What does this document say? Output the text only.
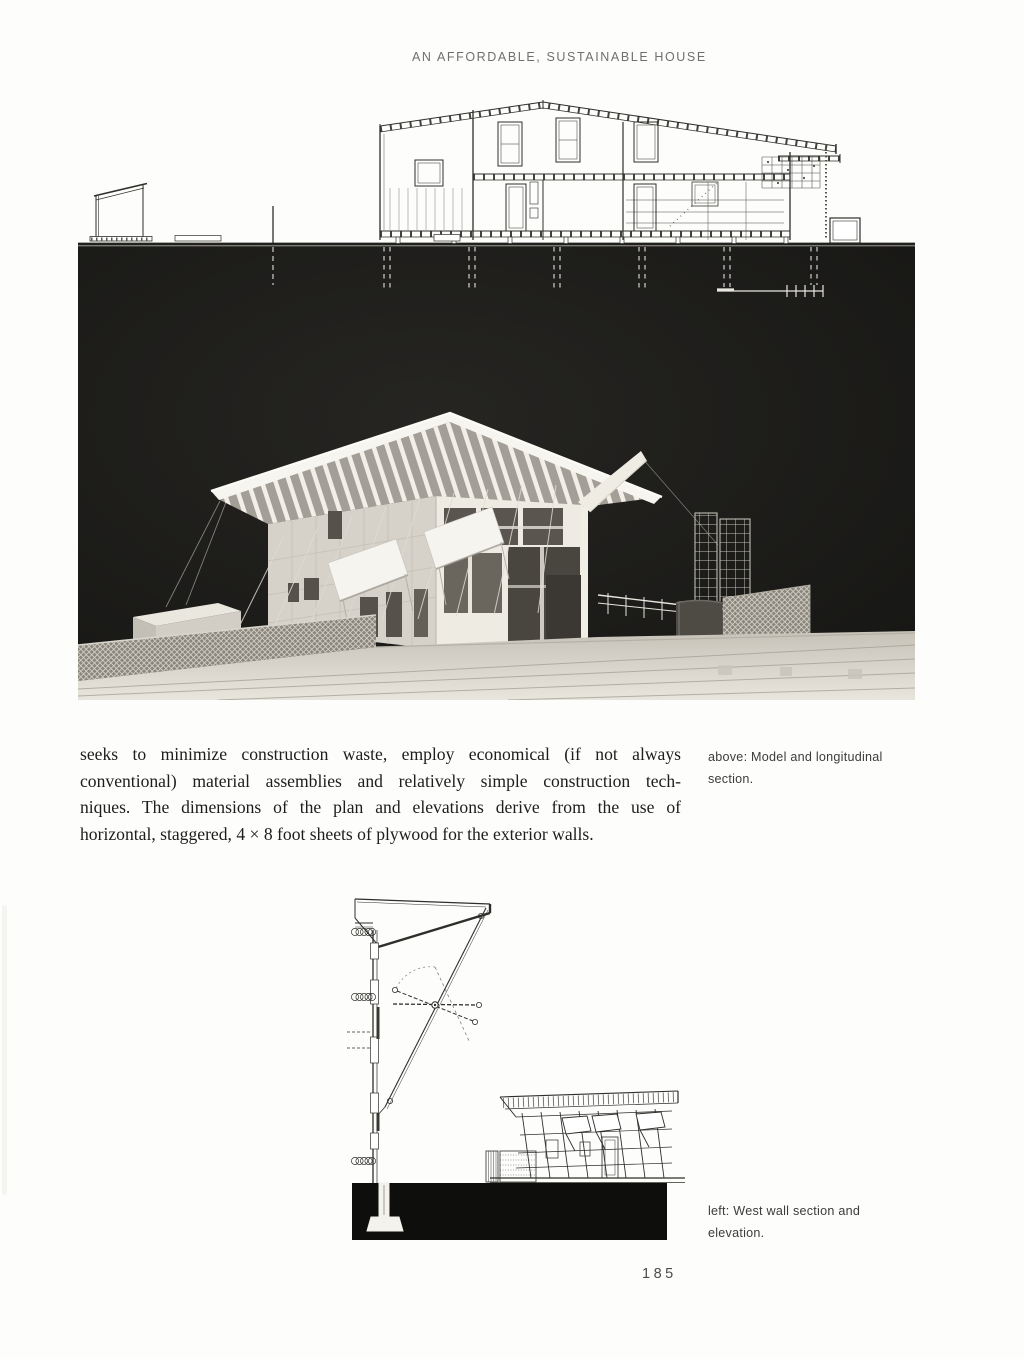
AN AFFORDABLE, SUSTAINABLE HOUSE
seeks to minimize construction waste, employ economical (if not always
conventional) material assemblies and relatively simple construction tech-
niques. The dimensions of the plan and elevations derive from the use of
horizontal, staggered, 4 × 8 foot sheets of plywood for the exterior walls.
above: Model and longitudinal
section.
left: West wall section and
elevation.
185
